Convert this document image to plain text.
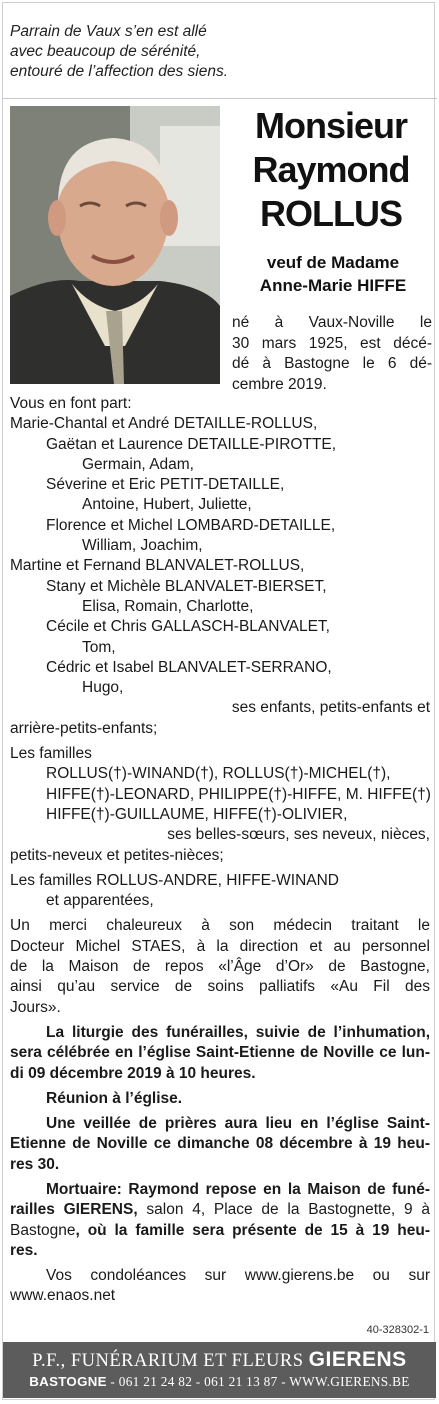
Parrain de Vaux s’en est allé
avec beaucoup de sérénité,
entouré de l’affection des siens.
Monsieur
Raymond
ROLLUS
veuf de Madame
Anne-Marie HIFFE
né à Vaux-Noville le
30 mars 1925, est décé-
dé à Bastogne le 6 dé-
cembre 2019.
Vous en font part:
Marie-Chantal et André DETAILLE-ROLLUS,
Gaëtan et Laurence DETAILLE-PIROTTE,
Germain, Adam,
Séverine et Eric PETIT-DETAILLE,
Antoine, Hubert, Juliette,
Florence et Michel LOMBARD-DETAILLE,
William, Joachim,
Martine et Fernand BLANVALET-ROLLUS,
Stany et Michèle BLANVALET-BIERSET,
Elisa, Romain, Charlotte,
Cécile et Chris GALLASCH-BLANVALET,
Tom,
Cédric et Isabel BLANVALET-SERRANO,
Hugo,
ses enfants, petits-enfants et
arrière-petits-enfants;
Les familles
ROLLUS(†)-WINAND(†), ROLLUS(†)-MICHEL(†),
HIFFE(†)-LEONARD, PHILIPPE(†)-HIFFE, M. HIFFE(†)
HIFFE(†)-GUILLAUME, HIFFE(†)-OLIVIER,
ses belles-sœurs, ses neveux, nièces,
petits-neveux et petites-nièces;
Les familles ROLLUS-ANDRE, HIFFE-WINAND
et apparentées,
Un merci chaleureux à son médecin traitant le
Docteur Michel STAES, à la direction et au personnel
de la Maison de repos «l’Âge d’Or» de Bastogne,
ainsi qu’au service de soins palliatifs «Au Fil des
Jours».
La liturgie des funérailles, suivie de l’inhumation,
sera célébrée en l’église Saint-Etienne de Noville ce lun-
di 09 décembre 2019 à 10 heures.
Réunion à l’église.
Une veillée de prières aura lieu en l’église Saint-
Etienne de Noville ce dimanche 08 décembre à 19 heu-
res 30.
Mortuaire: Raymond repose en la Maison de funé-
railles GIERENS, salon 4, Place de la Bastognette, 9 à
Bastogne, où la famille sera présente de 15 à 19 heu-
res.
Vos condoléances sur www.gierens.be ou sur
www.enaos.net
40-328302-1
P.F., FUNÉRARIUM ET FLEURS GIERENS
BASTOGNE - 061 21 24 82 - 061 21 13 87 - WWW.GIERENS.BE
